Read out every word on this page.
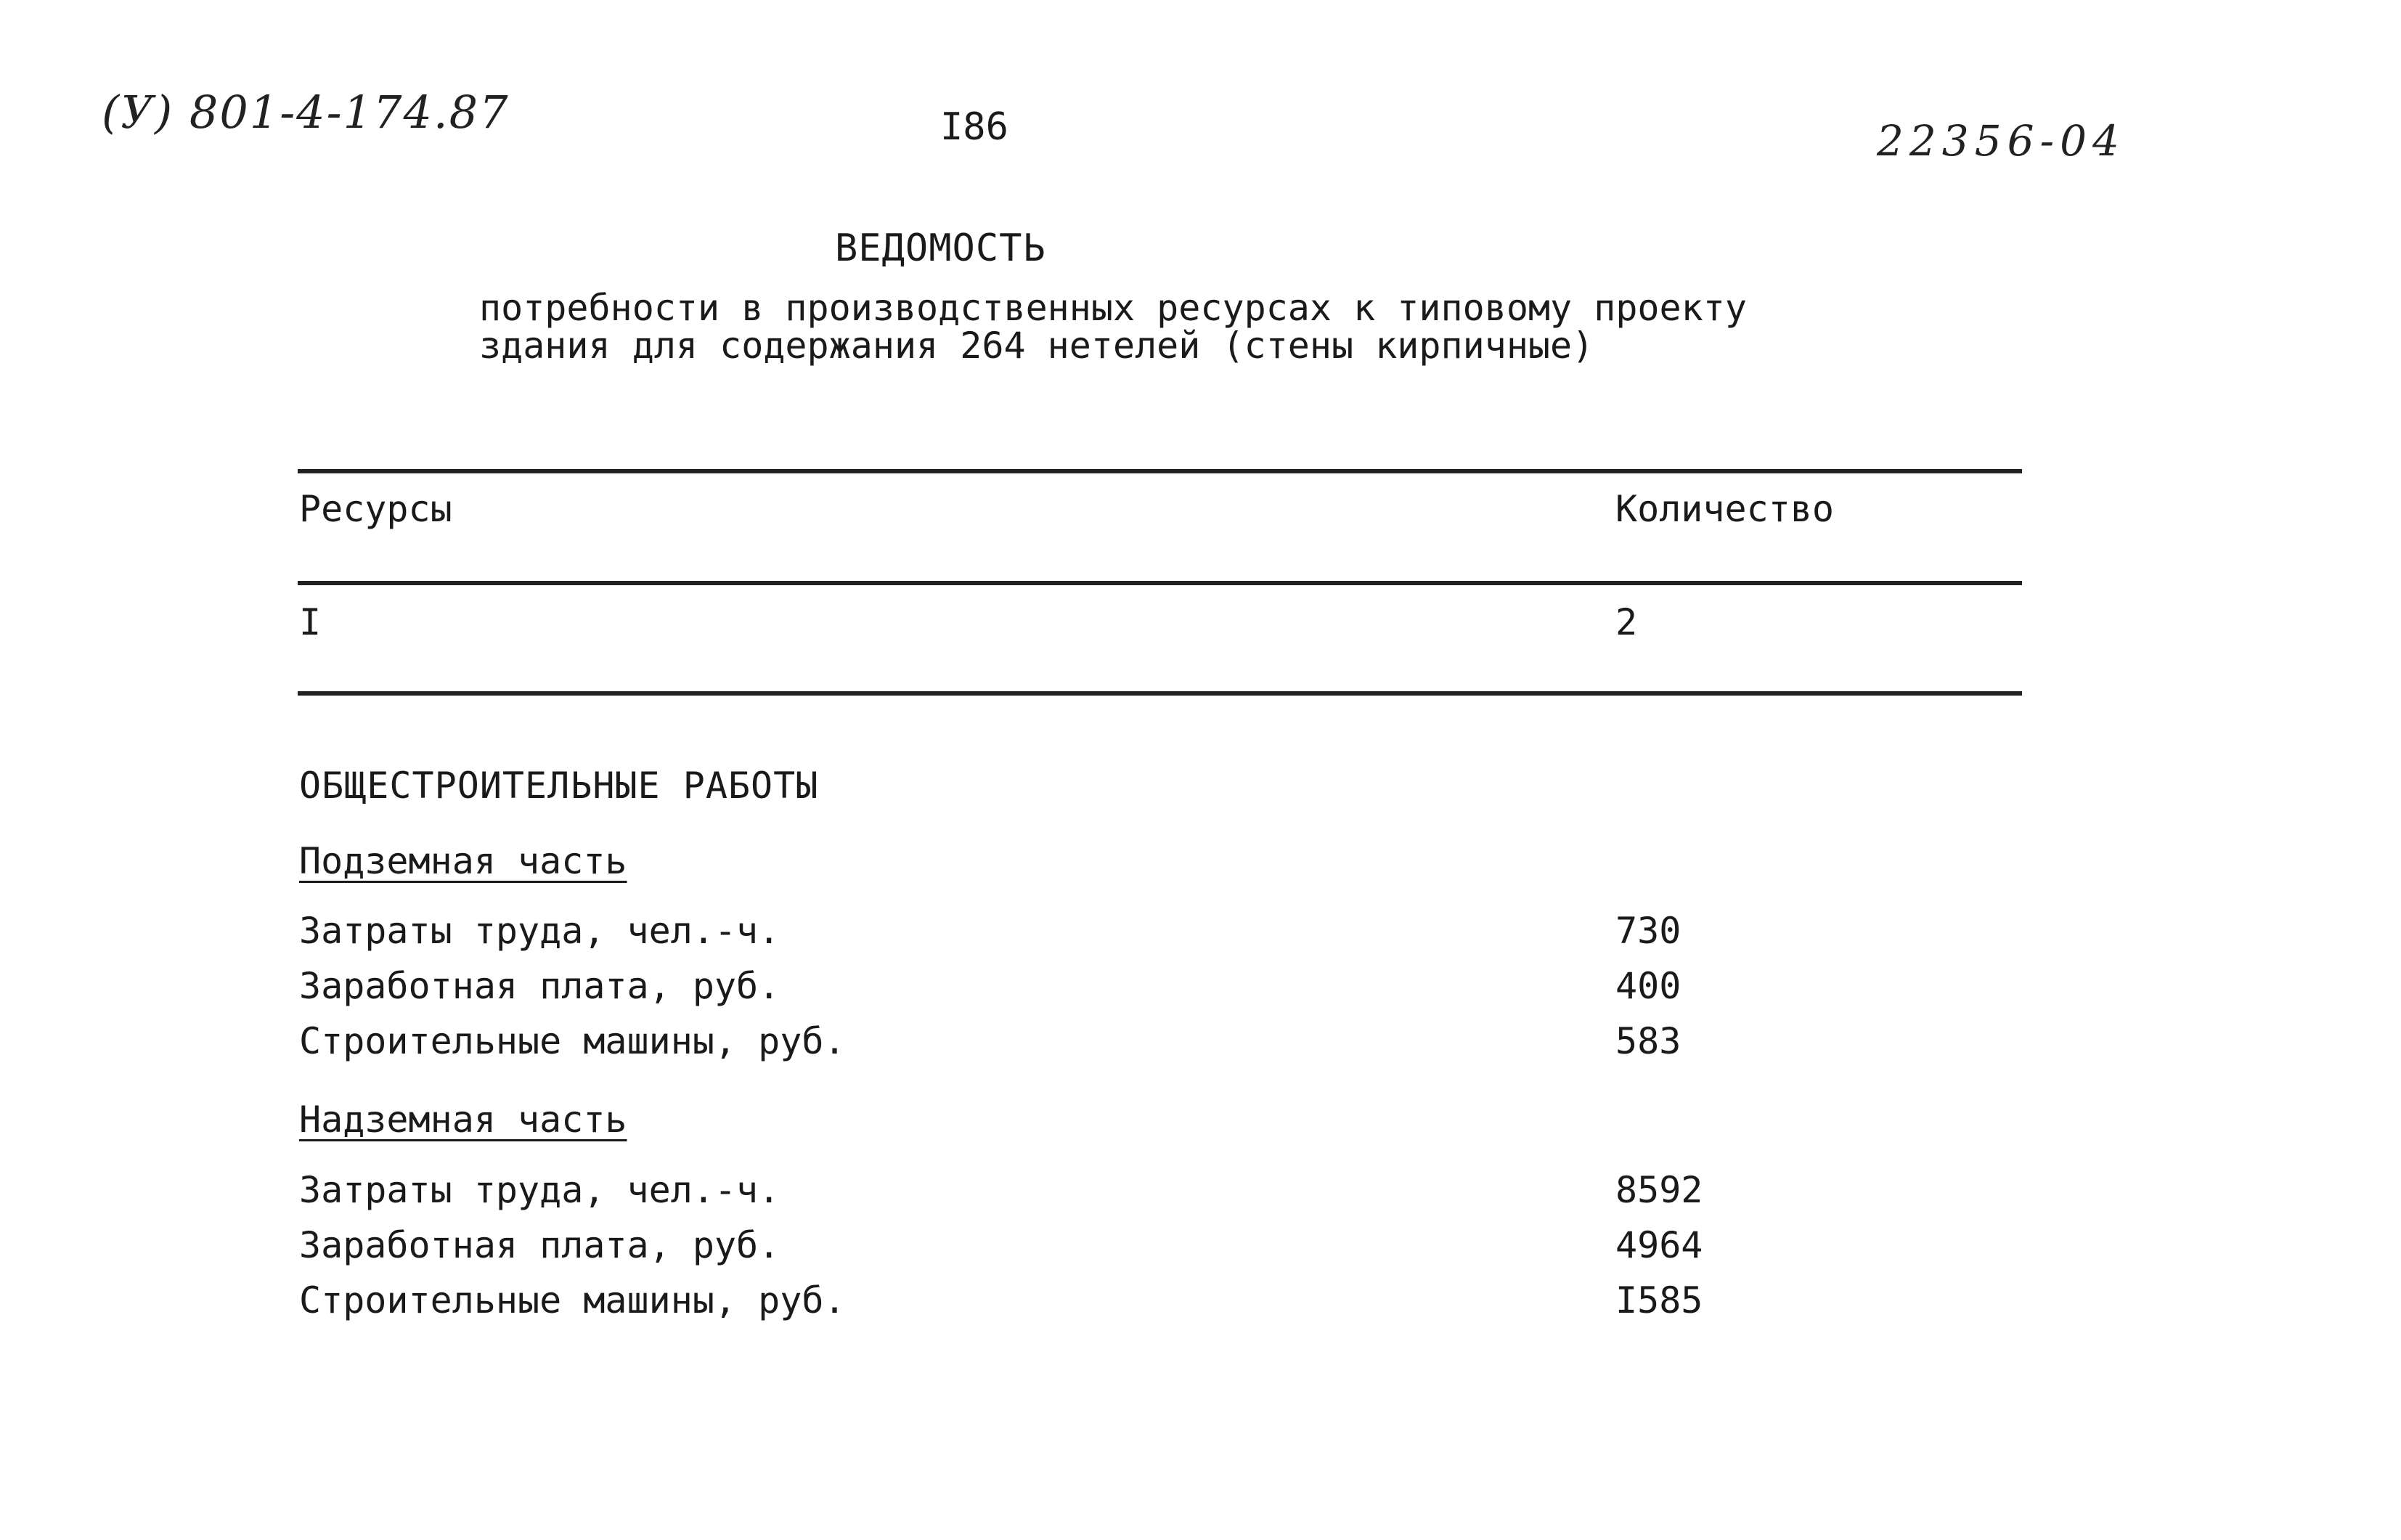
(У) 801-4-174.87	I86	22356-04
ВЕДОМОСТЬ
потребности в производственных ресурсах к типовому проекту
здания для содержания 264 нетелей (стены кирпичные)
Ресурсы	Количество
I	2
ОБЩЕСТРОИТЕЛЬНЫЕ РАБОТЫ
Подземная часть
Затраты труда, чел.-ч.	730
Заработная плата, руб.	400
Строительные машины, руб.	583
Надземная часть
Затраты труда, чел.-ч.	8592
Заработная плата, руб.	4964
Строительные машины, руб.	I585
